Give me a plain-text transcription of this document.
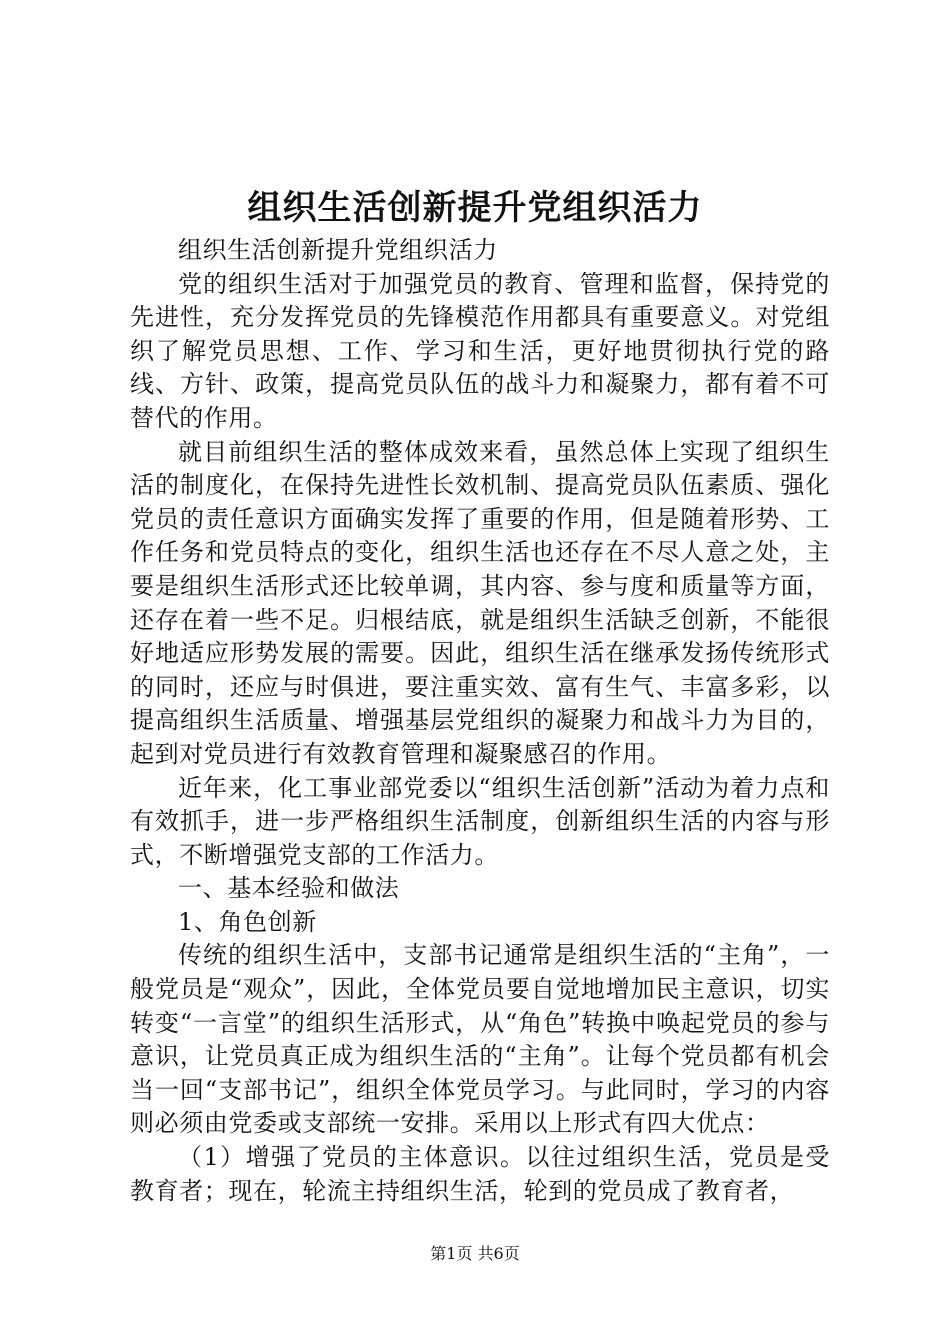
组织生活创新提升党组织活力

组织生活创新提升党组织活力

党的组织生活对于加强党员的教育、管理和监督，保持党的先进性，充分发挥党员的先锋模范作用都具有重要意义。对党组织了解党员思想、工作、学习和生活，更好地贯彻执行党的路线、方针、政策，提高党员队伍的战斗力和凝聚力，都有着不可替代的作用。

就目前组织生活的整体成效来看，虽然总体上实现了组织生活的制度化，在保持先进性长效机制、提高党员队伍素质、强化党员的责任意识方面确实发挥了重要的作用，但是随着形势、工作任务和党员特点的变化，组织生活也还存在不尽人意之处，主要是组织生活形式还比较单调，其内容、参与度和质量等方面，还存在着一些不足。归根结底，就是组织生活缺乏创新，不能很好地适应形势发展的需要。因此，组织生活在继承发扬传统形式的同时，还应与时俱进，要注重实效、富有生气、丰富多彩，以提高组织生活质量、增强基层党组织的凝聚力和战斗力为目的，起到对党员进行有效教育管理和凝聚感召的作用。

近年来，化工事业部党委以“组织生活创新”活动为着力点和有效抓手，进一步严格组织生活制度，创新组织生活的内容与形式，不断增强党支部的工作活力。

一、基本经验和做法

1、角色创新

传统的组织生活中，支部书记通常是组织生活的“主角”，一般党员是“观众”，因此，全体党员要自觉地增加民主意识，切实转变“一言堂”的组织生活形式，从“角色”转换中唤起党员的参与意识，让党员真正成为组织生活的“主角”。让每个党员都有机会当一回“支部书记”，组织全体党员学习。与此同时，学习的内容则必须由党委或支部统一安排。采用以上形式有四大优点：

（1）增强了党员的主体意识。以往过组织生活，党员是受教育者；现在，轮流主持组织生活，轮到的党员成了教育者，

第1页 共6页
